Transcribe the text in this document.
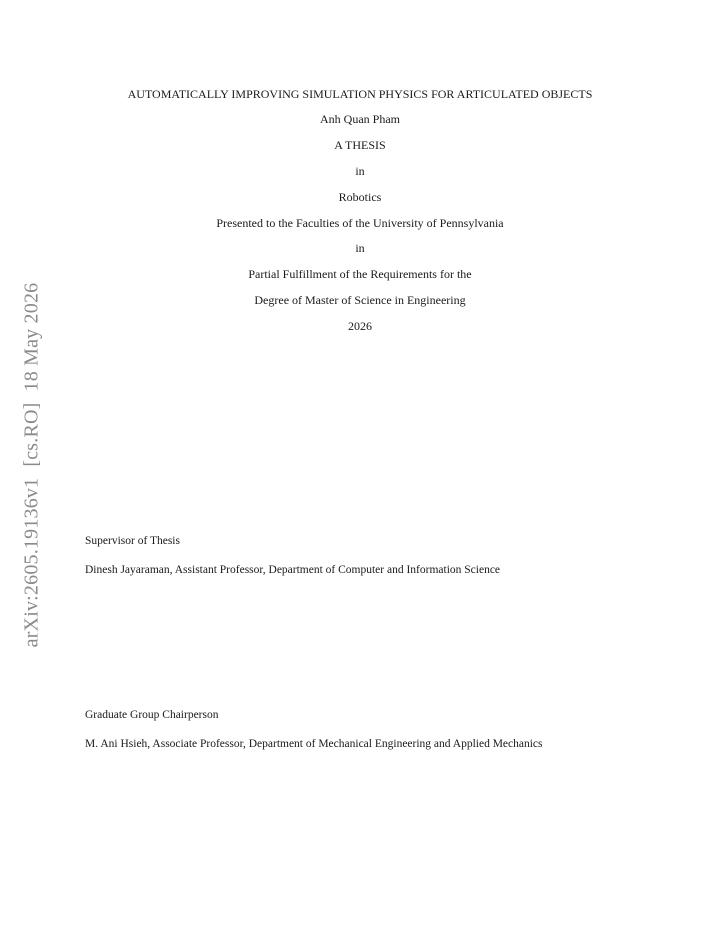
arXiv:2605.19136v1[cs.RO]18 May 2026
AUTOMATICALLY IMPROVING SIMULATION PHYSICS FOR ARTICULATED OBJECTS
Anh Quan Pham
A THESIS
in
Robotics
Presented to the Faculties of the University of Pennsylvania
in
Partial Fulfillment of the Requirements for the
Degree of Master of Science in Engineering
2026
Supervisor of Thesis
Dinesh Jayaraman, Assistant Professor, Department of Computer and Information Science
Graduate Group Chairperson
M. Ani Hsieh, Associate Professor, Department of Mechanical Engineering and Applied Mechanics
